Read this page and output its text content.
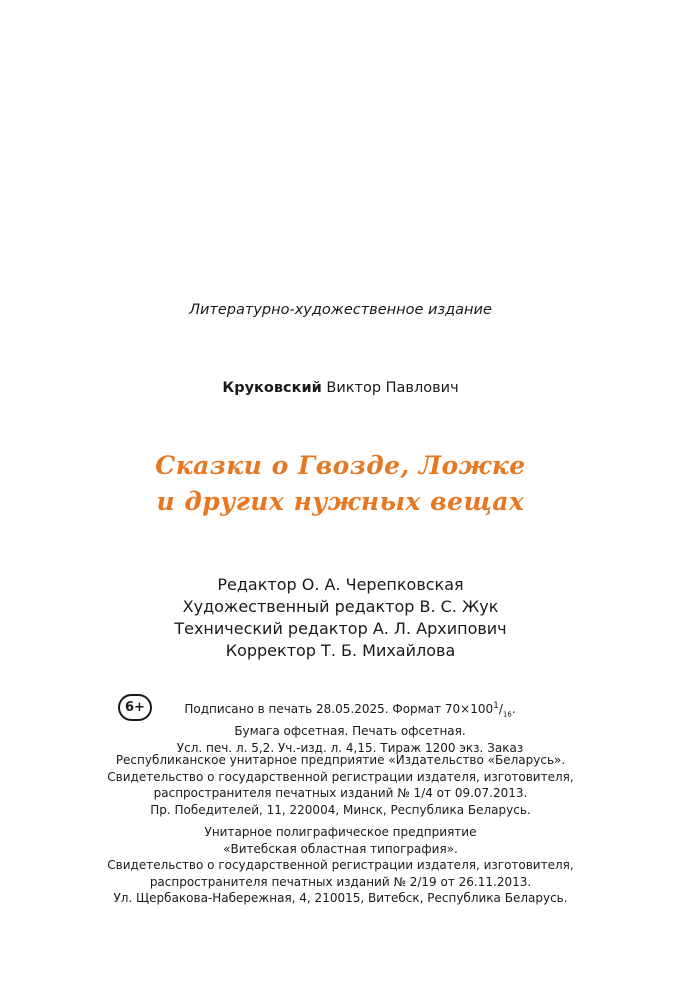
Литературно-художественное издание
Круковский Виктор Павлович
Сказки о Гвозде, Ложке
и других нужных вещах
Редактор О. А. Черепковская
Художественный редактор В. С. Жук
Технический редактор А. Л. Архипович
Корректор Т. Б. Михайлова
6+	Подписано в печать 28.05.2025. Формат $70\times 100^1/_{16}$.
Бумага офсетная. Печать офсетная.
Усл. печ. л. 5,2. Уч.-изд. л. 4,15. Тираж 1200 экз. Заказ
Республиканское унитарное предприятие «Издательство «Беларусь».
Свидетельство о государственной регистрации издателя, изготовителя,
распространителя печатных изданий № 1/4 от 09.07.2013.
Пр. Победителей, 11, 220004, Минск, Республика Беларусь.
Унитарное полиграфическое предприятие
«Витебская областная типография».
Свидетельство о государственной регистрации издателя, изготовителя,
распространителя печатных изданий № 2/19 от 26.11.2013.
Ул. Щербакова-Набережная, 4, 210015, Витебск, Республика Беларусь.
